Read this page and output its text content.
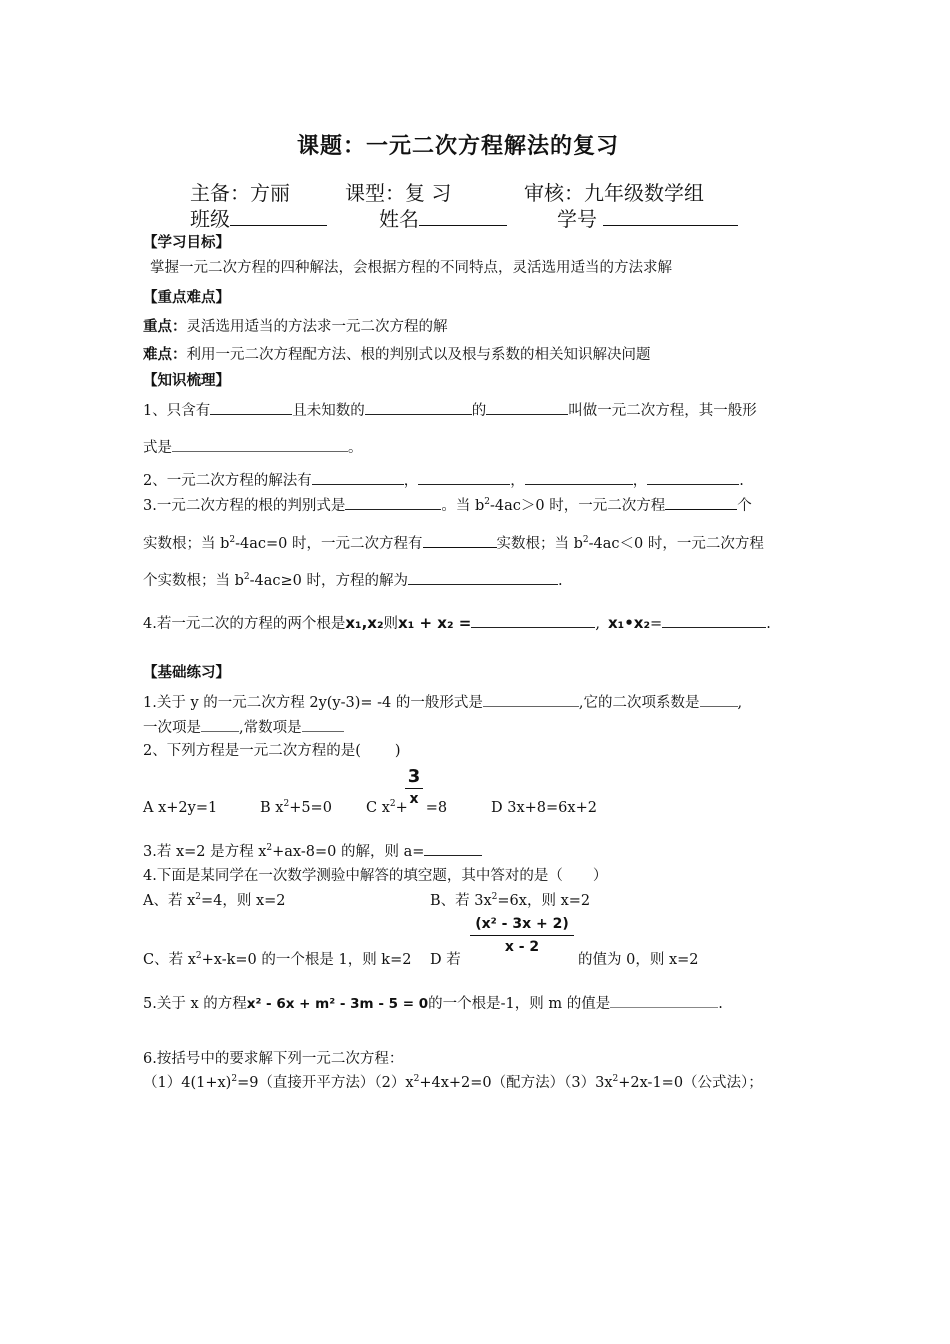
课题：一元二次方程解法的复习
主备：方丽	课型：复 习	审核：九年级数学组
班级	姓名	学号
【学习目标】
掌握一元二次方程的四种解法，会根据方程的不同特点，灵活选用适当的方法求解
【重点难点】
重点：灵活选用适当的方法求一元二次方程的解
难点：利用一元二次方程配方法、根的判别式以及根与系数的相关知识解决问题
【知识梳理】
1、只含有	且未知数的	的	叫做一元二次方程，其一般形
式是	。
2、一元二次方程的解法有	，	，	，	.
3.一元二次方程的根的判别式是	。当 $b^2-4ac>0$ 时，一元二次方程	个
实数根；当 $b^2-4ac=0$ 时，一元二次方程有	实数根；当 $b^2-4ac<0$ 时，一元二次方程
个实数根；当 $b^2-4ac\ge 0$ 时，方程的解为	.
4.若一元二次的方程的两个根是x₁,x₂则x₁ + x₂ =	, x₁•x₂=	.
【基础练习】
1.关于 y 的一元二次方程 2y(y-3)= -4 的一般形式是	,它的二次项系数是	,
一次项是	,常数项是
2、下列方程是一元二次方程的是( )
A x+2y=1	B $x^2+5=0$ C $x^2+ =8$
3
x
D 3x+8=6x+2
3.若 x=2 是方程 $x^2+ax-8=0$ 的解，则 a=
4.下面是某同学在一次数学测验中解答的填空题，其中答对的是（ ）
A、若 $x^2=4$，则 x=2	B、若 $3x^2=6x$，则 x=2
C、若 $x^2+x-k=0$ 的一个根是 1，则 k=2 D 若
$\frac{\text{(x² - 3x + 2)}}{x - 2}$
的值为 0，则 x=2
5.关于 x 的方程x² - 6x + m² - 3m - 5 = 0的一个根是-1，则 m 的值是	.
6.按括号中的要求解下列一元二次方程：
$(1)4(1+x)^2=9$（直接开平方法）$(2)x^2+4x+2=0$（配方法）$(3)3x^2+2x-1=0$（公式法）；
